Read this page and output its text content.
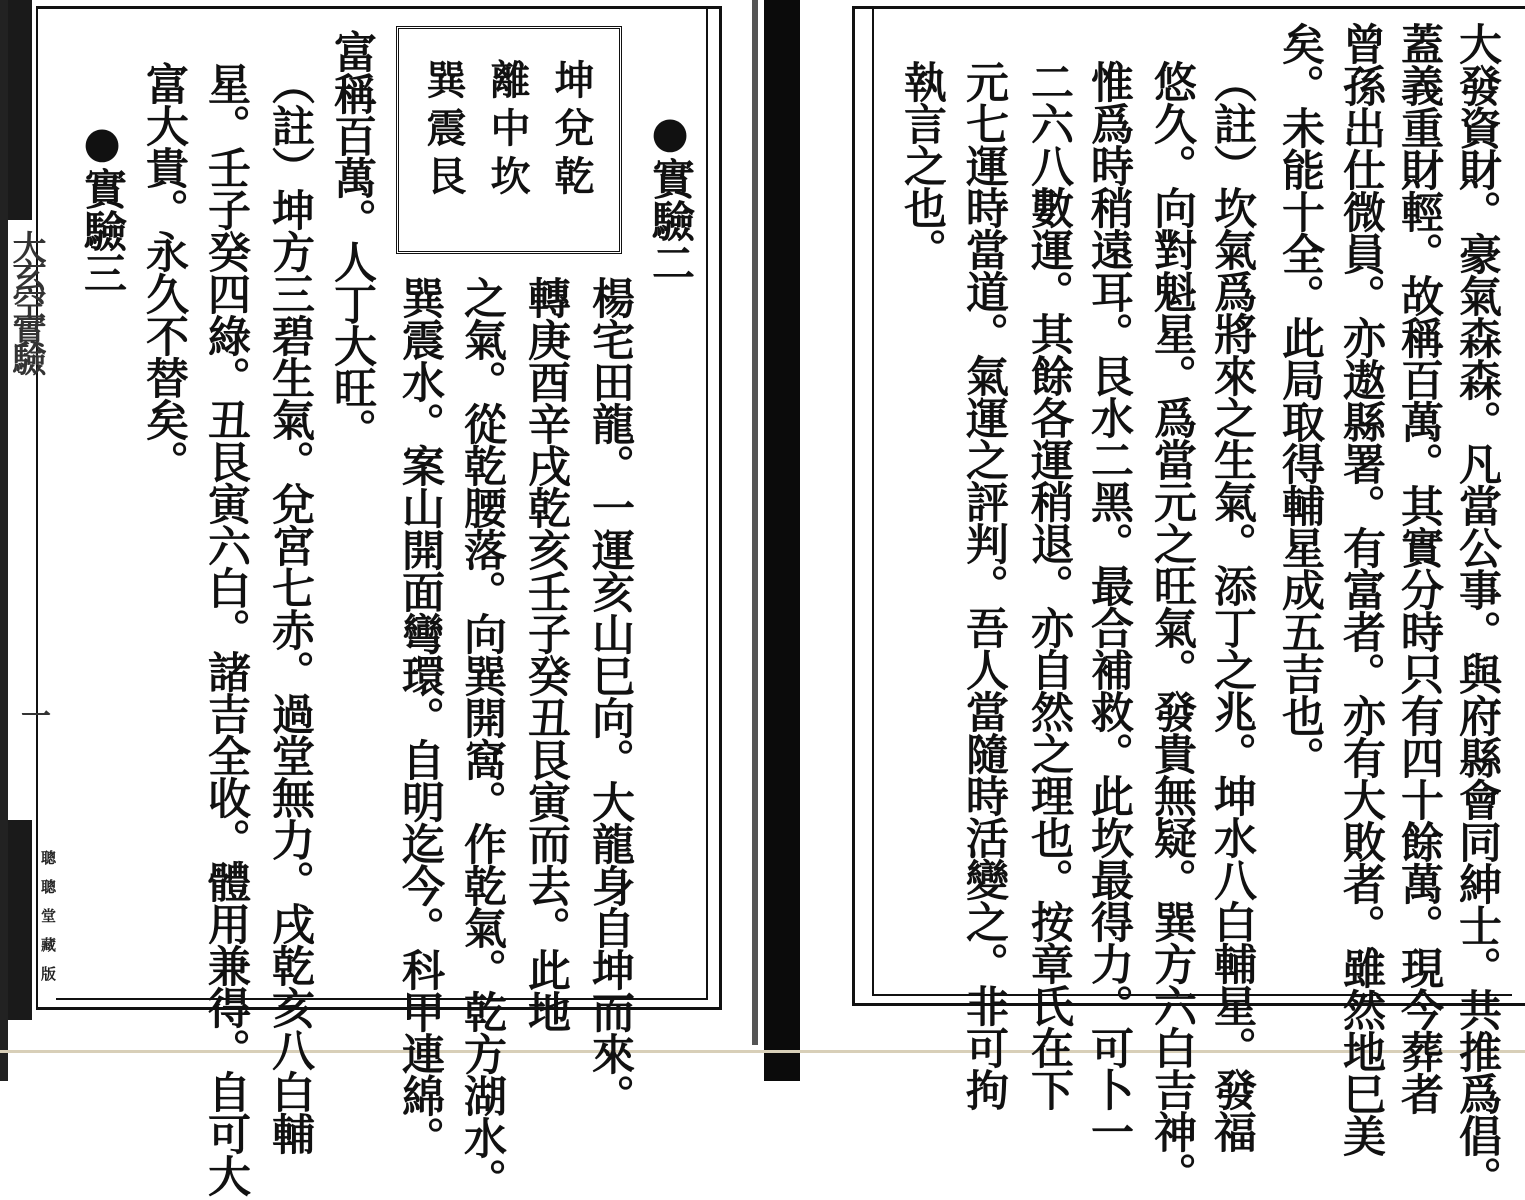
大發資財。豪氣森森。凡當公事。與府縣會同紳士。共推爲倡。
蓋義重財輕。故稱百萬。其實分時只有四十餘萬。現今葬者
曾孫出仕微員。亦遨縣署。有富者。亦有大敗者。雖然地巳美
矣。未能十全。此局取得輔星成五吉也。
（註）坎氣爲將來之生氣。添丁之兆。坤水八白輔星。發福
悠久。向對魁星。爲當元之旺氣。發貴無疑。巽方六白吉神。
惟爲時稍遠耳。艮水二黑。最合補救。此坎最得力。可卜一
二六八數運。其餘各運稍退。亦自然之理也。按章氏在下
元七運時當道。氣運之評判。吾人當隨時活變之。非可拘
執言之也。
●實驗二
楊宅田龍。一運亥山巳向。大龍身自坤而來。
轉庚酉辛戌乾亥壬子癸丑艮寅而去。此地
之氣。從乾腰落。向巽開窩。作乾氣。乾方湖水。
巽震水。案山開面彎環。自明迄今。科甲連綿。
坤兌乾
離中坎
巽震艮
富稱百萬。人丁大旺。
（註）坤方三碧生氣。兌宮七赤。過堂無力。戌乾亥八白輔
星。壬子癸四綠。丑艮寅六白。諸吉全收。體用兼得。自可大
富大貴。永久不替矣。
●實驗三
大玄空實驗
一
聰聰堂藏版
